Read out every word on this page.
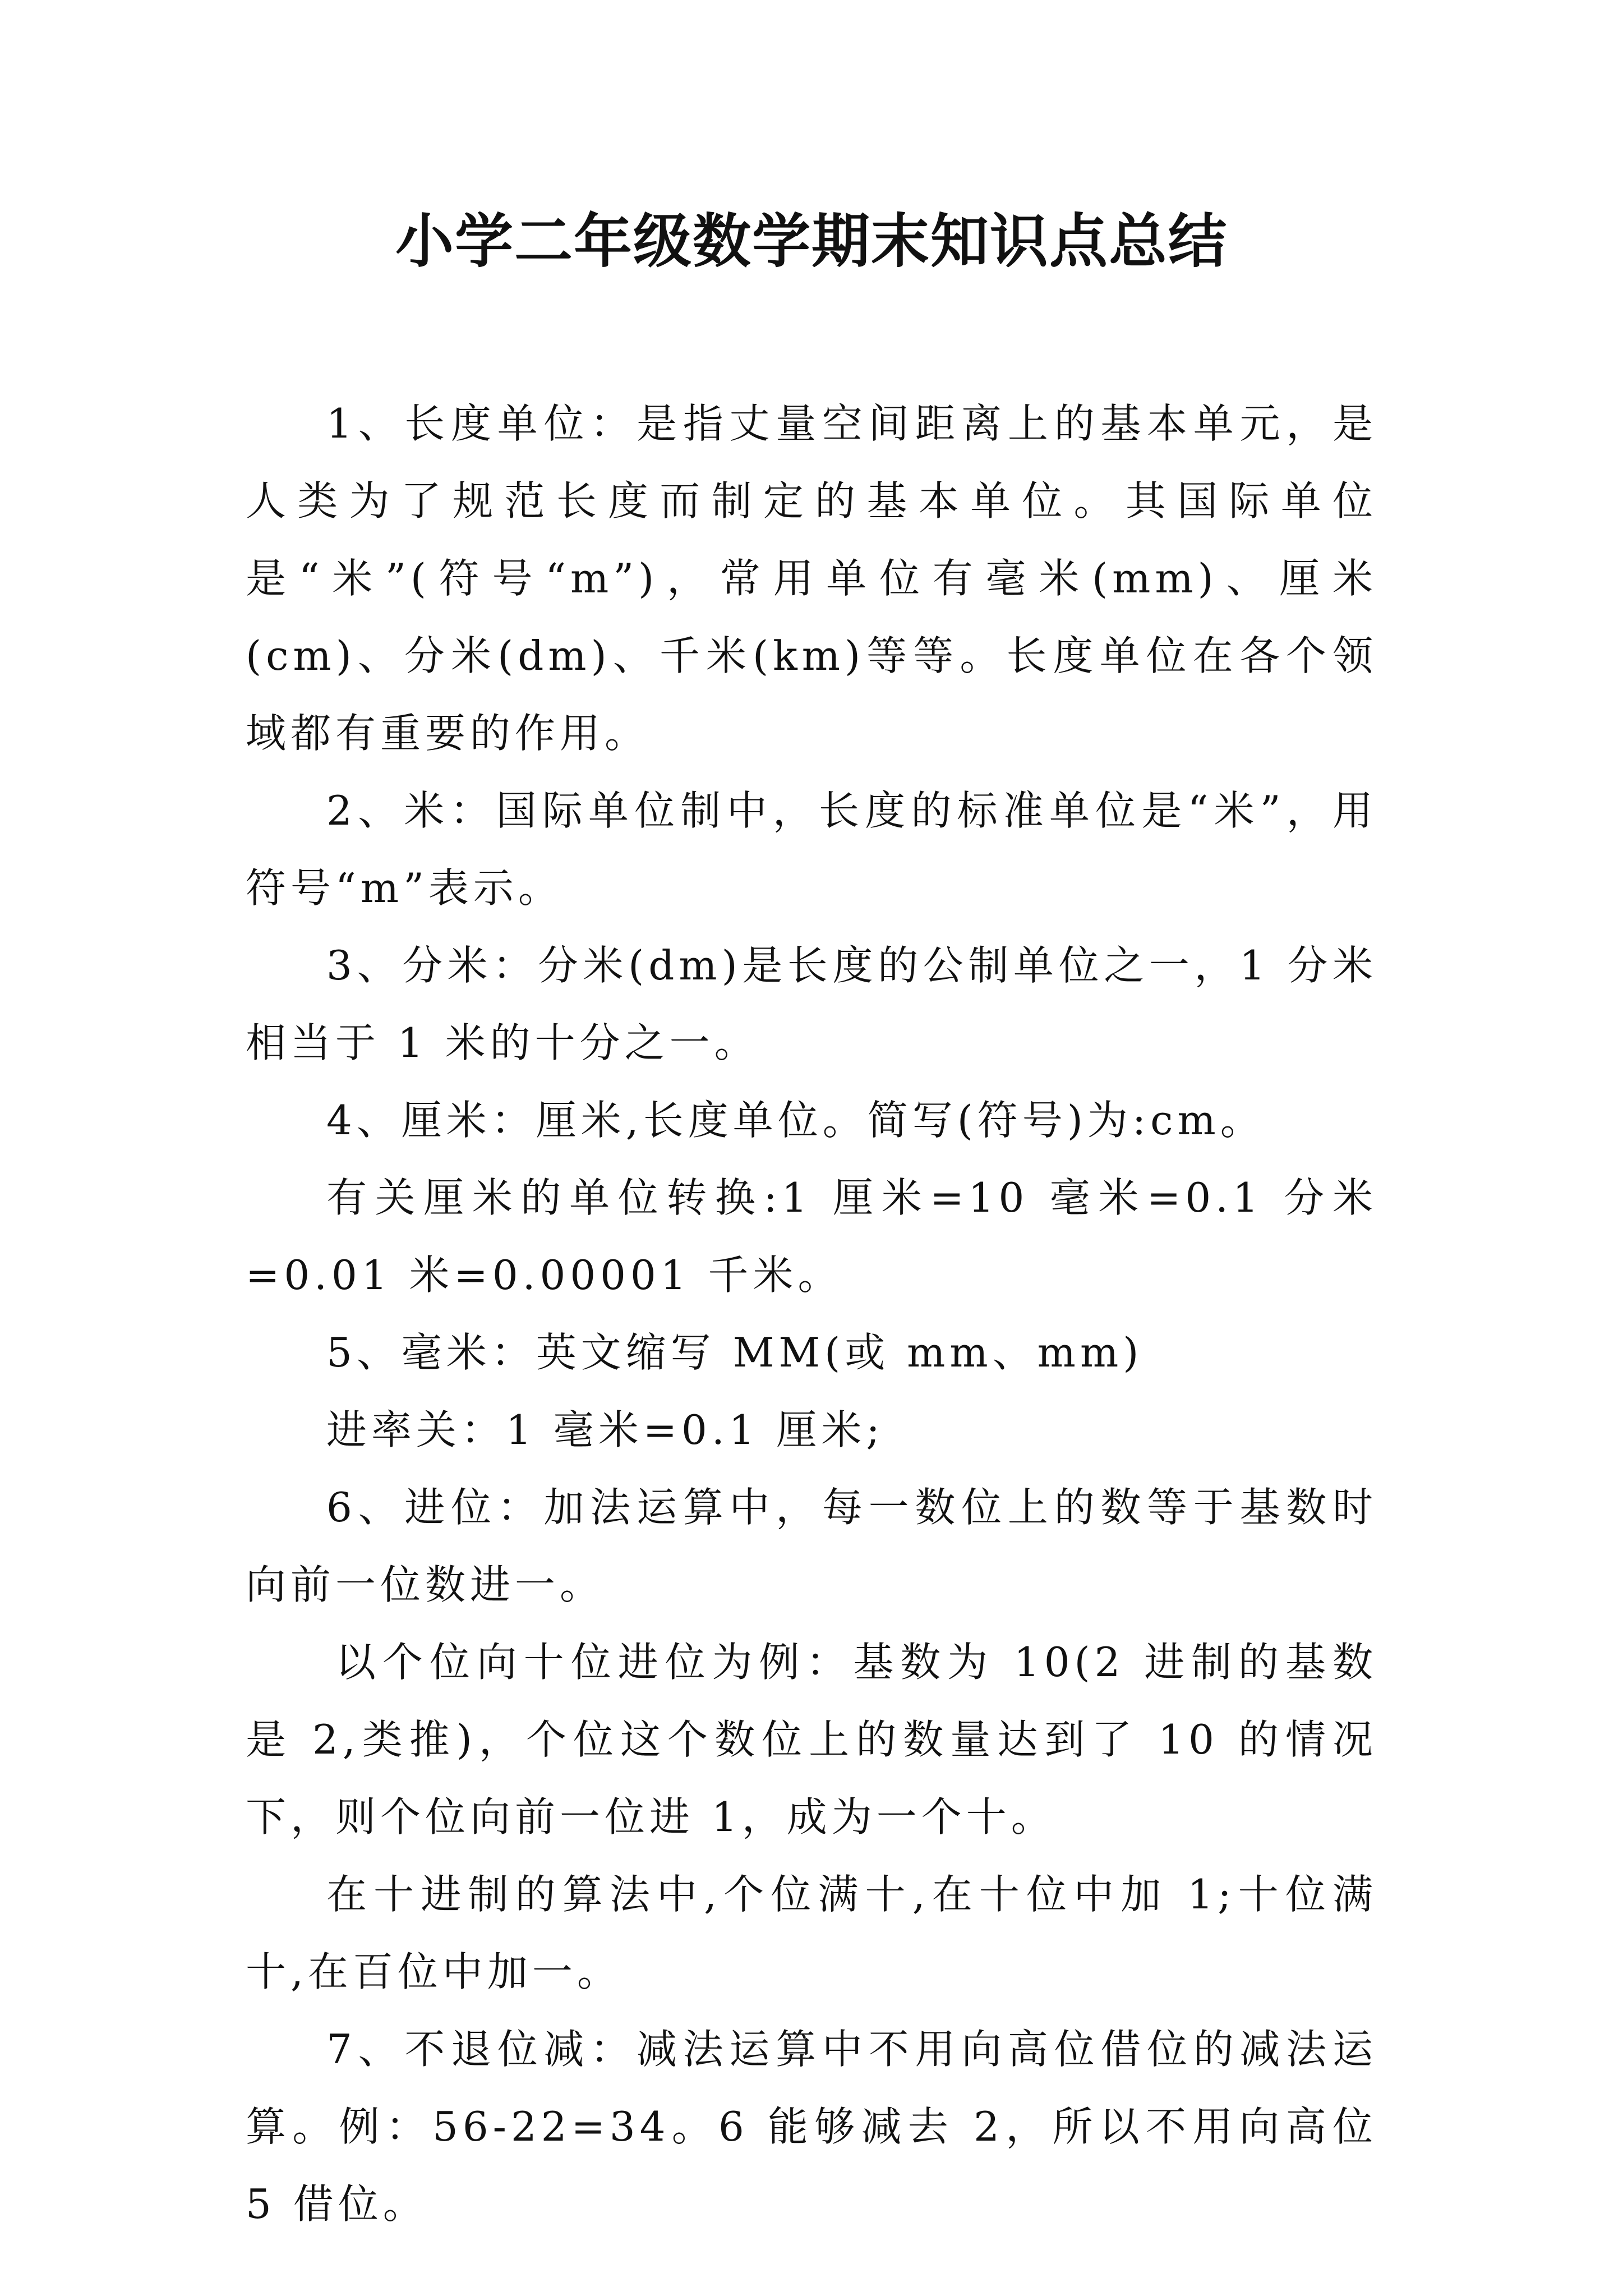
小学二年级数学期末知识点总结

1、长度单位：是指丈量空间距离上的基本单元，是人类为了规范长度而制定的基本单位。其国际单位是“米”(符号“m”)，常用单位有毫米(mm)、厘米(cm)、分米(dm)、千米(km)等等。长度单位在各个领域都有重要的作用。

2、米：国际单位制中，长度的标准单位是“米”，用符号“m”表示。

3、分米：分米(dm)是长度的公制单位之一，1 分米相当于 1 米的十分之一。

4、厘米：厘米,长度单位。简写(符号)为:cm。

有关厘米的单位转换:1 厘米=10 毫米=0.1 分米=0.01 米=0.00001 千米。

5、毫米：英文缩写 MM(或 mm、mm)

进率关：1 毫米=0.1 厘米;

6、进位：加法运算中，每一数位上的数等于基数时向前一位数进一。

以个位向十位进位为例：基数为 10(2 进制的基数是 2,类推)，个位这个数位上的数量达到了 10 的情况下，则个位向前一位进 1，成为一个十。

在十进制的算法中,个位满十,在十位中加 1;十位满十,在百位中加一。

7、不退位减：减法运算中不用向高位借位的减法运算。例：56-22=34。6 能够减去 2，所以不用向高位 5 借位。
